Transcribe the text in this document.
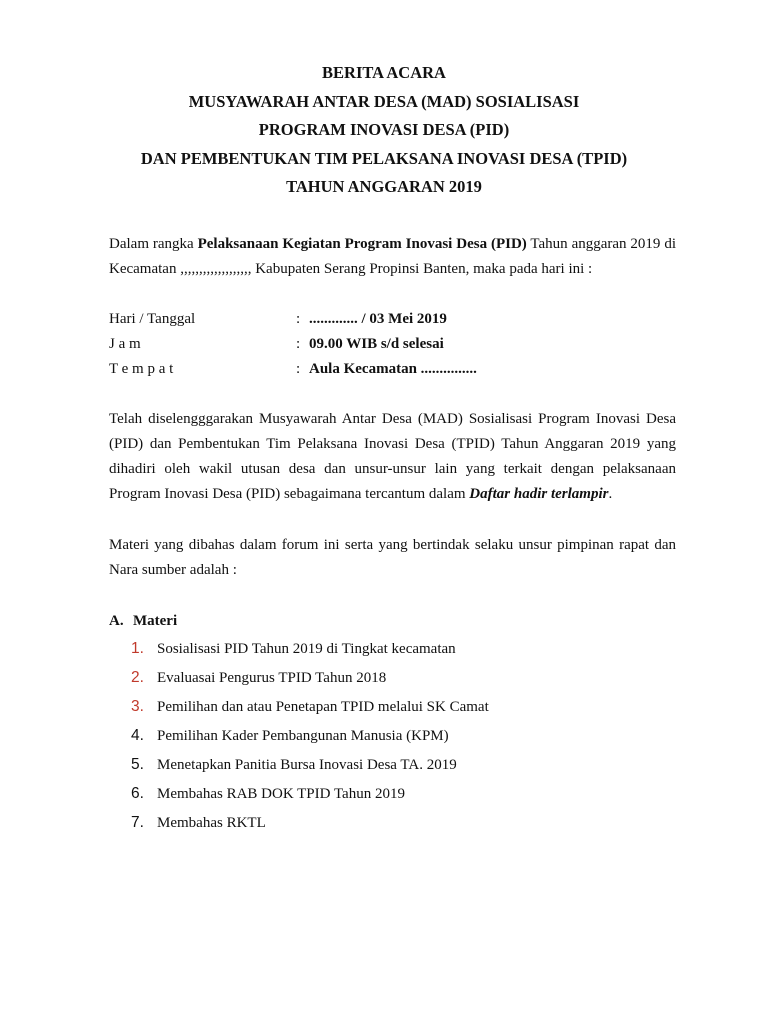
BERITA ACARA
MUSYAWARAH ANTAR DESA (MAD) SOSIALISASI
PROGRAM INOVASI DESA (PID)
DAN PEMBENTUKAN TIM PELAKSANA INOVASI DESA (TPID)
TAHUN ANGGARAN 2019

Dalam rangka Pelaksanaan Kegiatan Program Inovasi Desa (PID) Tahun anggaran 2019 di Kecamatan ,,,,,,,,,,,,,,,,,,, Kabupaten Serang Propinsi Banten, maka pada hari ini :

Hari / Tanggal	: ............. / 03 Mei 2019
J a m	: 09.00 WIB s/d selesai
T e m p a t	: Aula Kecamatan ...............

Telah diselengggarakan Musyawarah Antar Desa (MAD) Sosialisasi Program Inovasi Desa (PID) dan Pembentukan Tim Pelaksana Inovasi Desa (TPID) Tahun Anggaran 2019 yang dihadiri oleh wakil utusan desa dan unsur-unsur lain yang terkait dengan pelaksanaan Program Inovasi Desa (PID) sebagaimana tercantum dalam Daftar hadir terlampir.

Materi yang dibahas dalam forum ini serta yang bertindak selaku unsur pimpinan rapat dan Nara sumber adalah :

A. Materi
1. Sosialisasi PID Tahun 2019 di Tingkat kecamatan
2. Evaluasai Pengurus TPID Tahun 2018
3. Pemilihan dan atau Penetapan TPID melalui SK Camat
4. Pemilihan Kader Pembangunan Manusia (KPM)
5. Menetapkan Panitia Bursa Inovasi Desa TA. 2019
6. Membahas RAB DOK TPID Tahun 2019
7. Membahas RKTL
